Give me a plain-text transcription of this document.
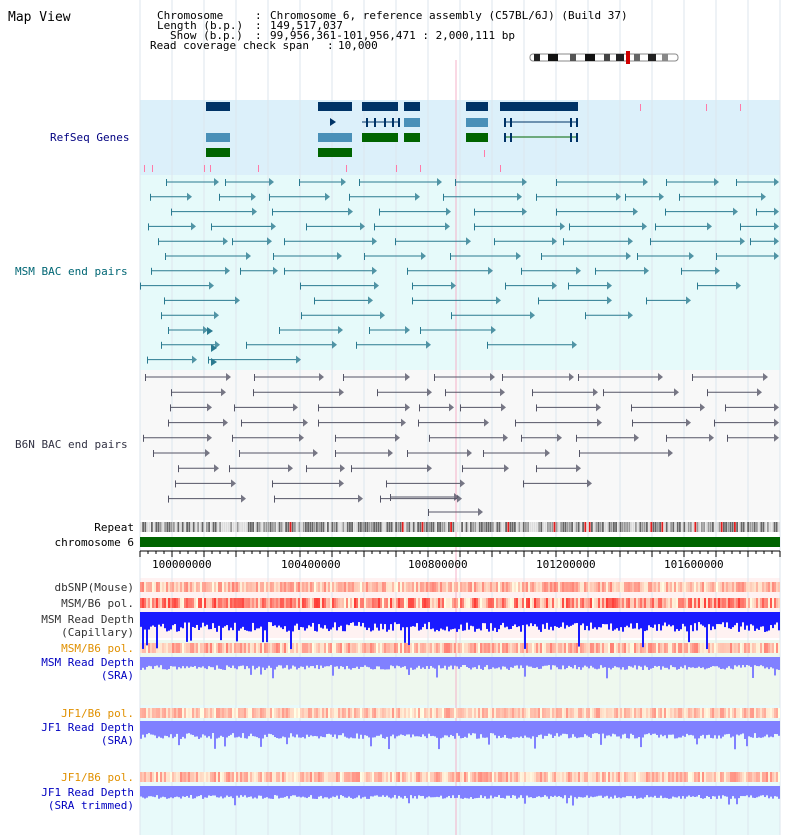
Map View	Chromosome	: Chromosome 6, reference assembly (C57BL/6J) (Build 37)
Length (b.p.) : 149,517,037
Show (b.p.) : 99,956,361-101,956,471 : 2,000,111 bp
Read coverage check span : 10,000
RefSeq Genes
MSM BAC end pairs
B6N BAC end pairs
Repeat
chromosome 6
100000000	100400000	100800000	101200000	101600000
dbSNP(Mouse)
MSM/B6 pol.
MSM Read Depth
(Capillary)
MSM/B6 pol.
MSM Read Depth
(SRA)
JF1/B6 pol.
JF1 Read Depth
(SRA)
JF1/B6 pol.
JF1 Read Depth
(SRA trimmed)
